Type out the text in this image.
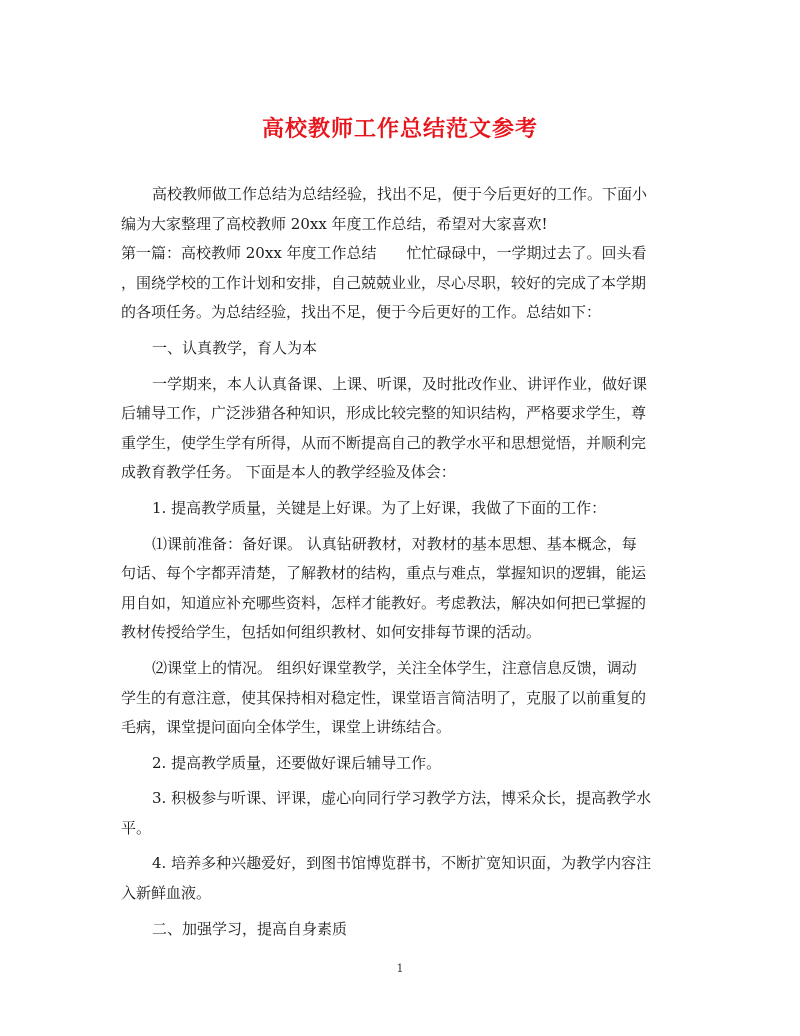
高校教师工作总结范文参考
高校教师做工作总结为总结经验，找出不足，便于今后更好的工作。下面小
编为大家整理了高校教师 20xx 年度工作总结，希望对大家喜欢!
第一篇：高校教师 20xx 年度工作总结　　忙忙碌碌中，一学期过去了。回头看
，围绕学校的工作计划和安排，自己兢兢业业，尽心尽职，较好的完成了本学期
的各项任务。为总结经验，找出不足，便于今后更好的工作。总结如下：
一、认真教学，育人为本
一学期来，本人认真备课、上课、听课，及时批改作业、讲评作业，做好课
后辅导工作，广泛涉猎各种知识，形成比较完整的知识结构，严格要求学生，尊
重学生，使学生学有所得，从而不断提高自己的教学水平和思想觉悟，并顺利完
成教育教学任务。 下面是本人的教学经验及体会：
1. 提高教学质量，关键是上好课。为了上好课，我做了下面的工作：
⑴课前准备：备好课。 认真钻研教材，对教材的基本思想、基本概念，每
句话、每个字都弄清楚，了解教材的结构，重点与难点，掌握知识的逻辑，能运
用自如，知道应补充哪些资料，怎样才能教好。考虑教法，解决如何把已掌握的
教材传授给学生，包括如何组织教材、如何安排每节课的活动。
⑵课堂上的情况。 组织好课堂教学，关注全体学生，注意信息反馈，调动
学生的有意注意，使其保持相对稳定性，课堂语言简洁明了，克服了以前重复的
毛病，课堂提问面向全体学生，课堂上讲练结合。
2. 提高教学质量，还要做好课后辅导工作。
3. 积极参与听课、评课，虚心向同行学习教学方法，博采众长，提高教学水
平。
4. 培养多种兴趣爱好，到图书馆博览群书，不断扩宽知识面，为教学内容注
入新鲜血液。
二、加强学习，提高自身素质
1
